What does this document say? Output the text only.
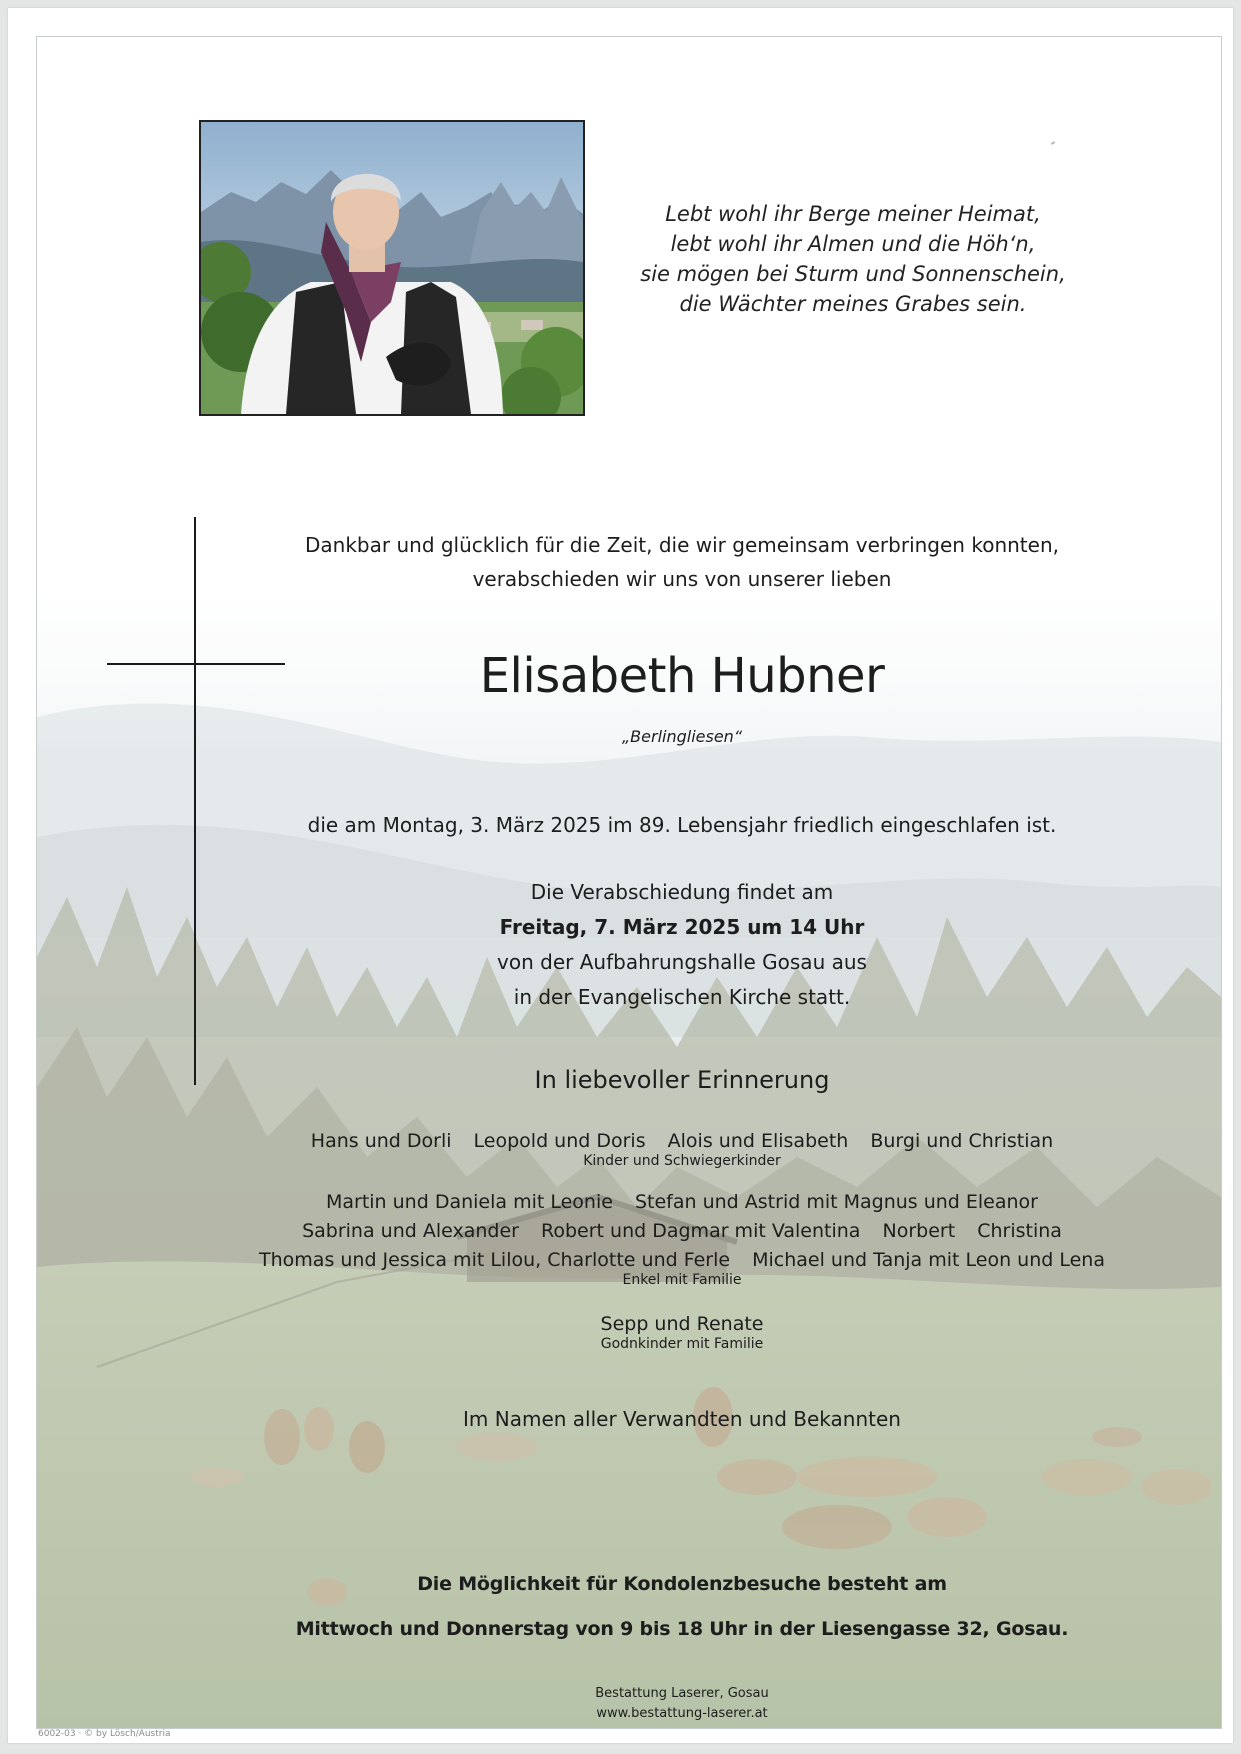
Lebt wohl ihr Berge meiner Heimat,
lebt wohl ihr Almen und die Höh‘n,
sie mögen bei Sturm und Sonnenschein,
die Wächter meines Grabes sein.
Dankbar und glücklich für die Zeit, die wir gemeinsam verbringen konnten,
verabschieden wir uns von unserer lieben
Elisabeth Hubner
„Berlingliesen“
die am Montag, 3. März 2025 im 89. Lebensjahr friedlich eingeschlafen ist.
Die Verabschiedung findet am
Freitag, 7. März 2025 um 14 Uhr
von der Aufbahrungshalle Gosau aus
in der Evangelischen Kirche statt.
In liebevoller Erinnerung
Hans und Dorli Leopold und Doris Alois und Elisabeth Burgi und Christian
Kinder und Schwiegerkinder
Martin und Daniela mit Leonie Stefan und Astrid mit Magnus und Eleanor
Sabrina und Alexander Robert und Dagmar mit Valentina Norbert Christina
Thomas und Jessica mit Lilou, Charlotte und Ferle Michael und Tanja mit Leon und Lena
Enkel mit Familie
Sepp und Renate
Godnkinder mit Familie
Im Namen aller Verwandten und Bekannten
Die Möglichkeit für Kondolenzbesuche besteht am
Mittwoch und Donnerstag von 9 bis 18 Uhr in der Liesengasse 32, Gosau.
Bestattung Laserer, Gosau
www.bestattung-laserer.at
6002-03 · © by Lösch/Austria
